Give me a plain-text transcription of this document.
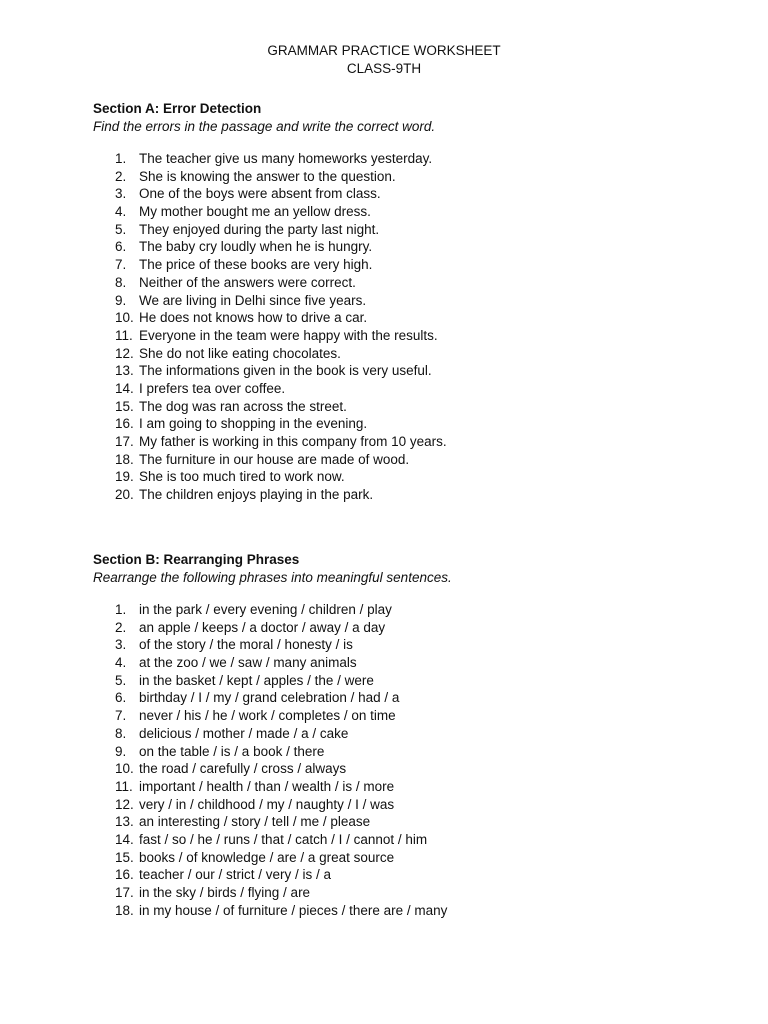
GRAMMAR PRACTICE WORKSHEET
CLASS-9TH
Section A: Error Detection
Find the errors in the passage and write the correct word.
1. The teacher give us many homeworks yesterday.
2. She is knowing the answer to the question.
3. One of the boys were absent from class.
4. My mother bought me an yellow dress.
5. They enjoyed during the party last night.
6. The baby cry loudly when he is hungry.
7. The price of these books are very high.
8. Neither of the answers were correct.
9. We are living in Delhi since five years.
10. He does not knows how to drive a car.
11. Everyone in the team were happy with the results.
12. She do not like eating chocolates.
13. The informations given in the book is very useful.
14. I prefers tea over coffee.
15. The dog was ran across the street.
16. I am going to shopping in the evening.
17. My father is working in this company from 10 years.
18. The furniture in our house are made of wood.
19. She is too much tired to work now.
20. The children enjoys playing in the park.
Section B: Rearranging Phrases
Rearrange the following phrases into meaningful sentences.
1. in the park / every evening / children / play
2. an apple / keeps / a doctor / away / a day
3. of the story / the moral / honesty / is
4. at the zoo / we / saw / many animals
5. in the basket / kept / apples / the / were
6. birthday / I / my / grand celebration / had / a
7. never / his / he / work / completes / on time
8. delicious / mother / made / a / cake
9. on the table / is / a book / there
10. the road / carefully / cross / always
11. important / health / than / wealth / is / more
12. very / in / childhood / my / naughty / I / was
13. an interesting / story / tell / me / please
14. fast / so / he / runs / that / catch / I / cannot / him
15. books / of knowledge / are / a great source
16. teacher / our / strict / very / is / a
17. in the sky / birds / flying / are
18. in my house / of furniture / pieces / there are / many
